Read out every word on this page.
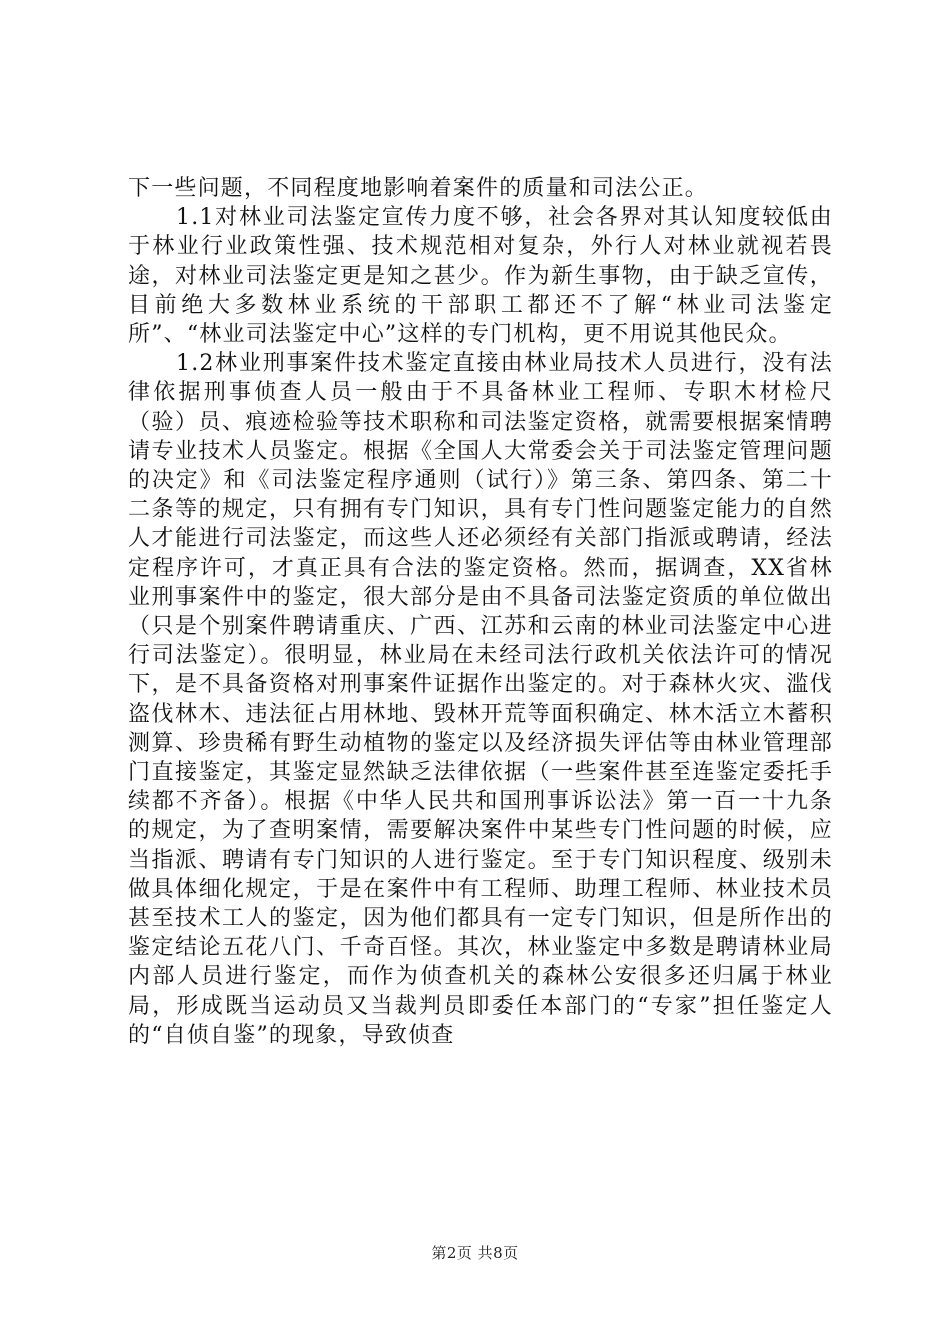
下一些问题，不同程度地影响着案件的质量和司法公正。

1.1对林业司法鉴定宣传力度不够，社会各界对其认知度较低由于林业行业政策性强、技术规范相对复杂，外行人对林业就视若畏途，对林业司法鉴定更是知之甚少。作为新生事物，由于缺乏宣传，目前绝大多数林业系统的干部职工都还不了解“林业司法鉴定所”、“林业司法鉴定中心”这样的专门机构，更不用说其他民众。

1.2林业刑事案件技术鉴定直接由林业局技术人员进行，没有法律依据刑事侦查人员一般由于不具备林业工程师、专职木材检尺（验）员、痕迹检验等技术职称和司法鉴定资格，就需要根据案情聘请专业技术人员鉴定。根据《全国人大常委会关于司法鉴定管理问题的决定》和《司法鉴定程序通则（试行）》第三条、第四条、第二十二条等的规定，只有拥有专门知识，具有专门性问题鉴定能力的自然人才能进行司法鉴定，而这些人还必须经有关部门指派或聘请，经法定程序许可，才真正具有合法的鉴定资格。然而，据调查，XX省林业刑事案件中的鉴定，很大部分是由不具备司法鉴定资质的单位做出（只是个别案件聘请重庆、广西、江苏和云南的林业司法鉴定中心进行司法鉴定）。很明显，林业局在未经司法行政机关依法许可的情况下，是不具备资格对刑事案件证据作出鉴定的。对于森林火灾、滥伐盗伐林木、违法征占用林地、毁林开荒等面积确定、林木活立木蓄积测算、珍贵稀有野生动植物的鉴定以及经济损失评估等由林业管理部门直接鉴定，其鉴定显然缺乏法律依据（一些案件甚至连鉴定委托手续都不齐备）。根据《中华人民共和国刑事诉讼法》第一百一十九条的规定，为了查明案情，需要解决案件中某些专门性问题的时候，应当指派、聘请有专门知识的人进行鉴定。至于专门知识程度、级别未做具体细化规定，于是在案件中有工程师、助理工程师、林业技术员甚至技术工人的鉴定，因为他们都具有一定专门知识，但是所作出的鉴定结论五花八门、千奇百怪。其次，林业鉴定中多数是聘请林业局内部人员进行鉴定，而作为侦查机关的森林公安很多还归属于林业局，形成既当运动员又当裁判员即委任本部门的“专家”担任鉴定人的“自侦自鉴”的现象，导致侦查

第2页 共8页
